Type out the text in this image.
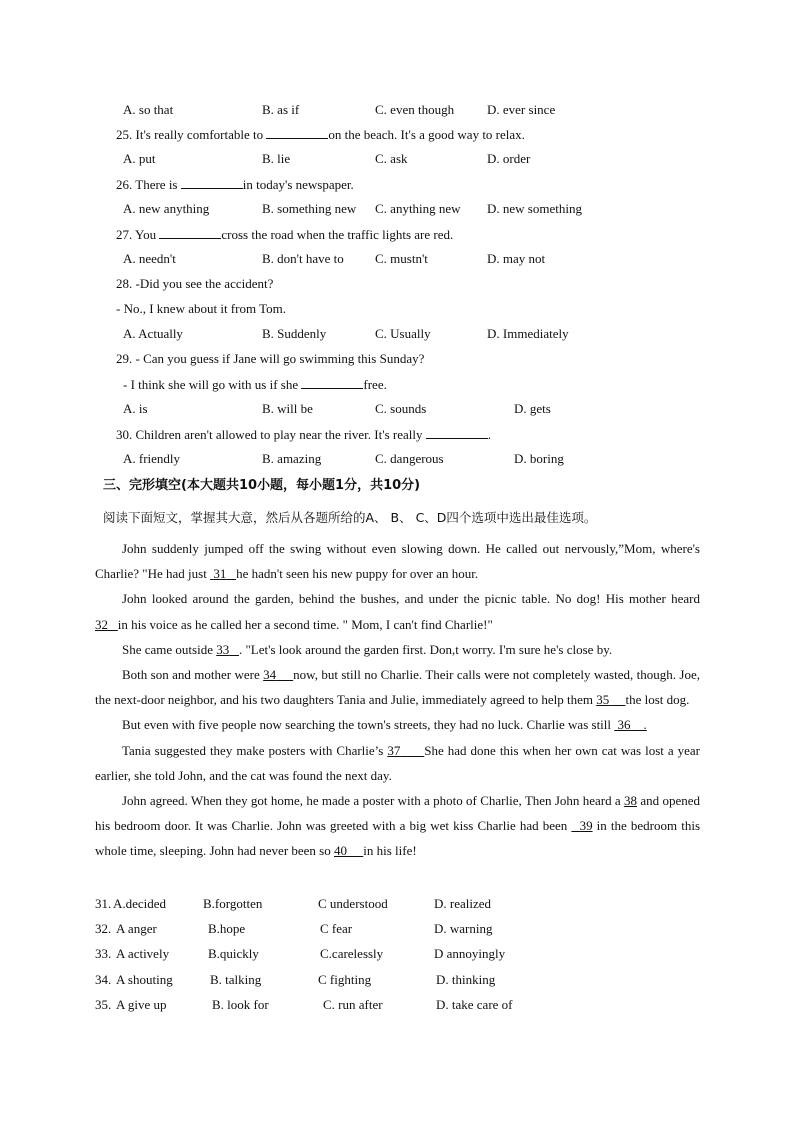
A. so that	B. as if	C. even though	D. ever since
25. It's really comfortable to	on the beach. It's a good way to relax.
A. put	B. lie	C. ask	D. order
26. There is	in today's newspaper.
A. new anything	B. something new C. anything new D. new something
27. You	cross the road when the traffic lights are red.
A. needn't	B. don't have to C. mustn't	D. may not
28. -Did you see the accident?
- No., I knew about it from Tom.
A. Actually	B. Suddenly	C. Usually	D. Immediately
29. - Can you guess if Jane will go swimming this Sunday?
- I think she will go with us if she	free.
A. is	B. will be	C. sounds	D. gets
30. Children aren't allowed to play near the river. It's really	.
A. friendly	B. amazing	C. dangerous	D. boring
三、完形填空(本大题共10小题，每小题1分，共10分)
阅读下面短文，掌握其大意，然后从各题所给的A、 B、 C、D四个选项中选出最佳选项。

John suddenly jumped off the swing without even slowing down. He called out nervously,”Mom, where's Charlie? "He had just  31 he hadn't seen his new puppy for over an hour.

John looked around the garden, behind the bushes, and under the picnic table. No dog! His mother heard 32 in his voice as he called her a second time. " Mom, I can't find Charlie!"

She came outside 33 . "Let's look around the garden first. Don,t worry. I'm sure he's close by.

Both son and mother were 34 now, but still no Charlie. Their calls were not completely wasted, though. Joe, the next-door neighbor, and his two daughters Tania and Julie, immediately agreed to help them 35 the lost dog.

But even with five people now searching the town's streets, they had no luck. Charlie was still  36    .

Tania suggested they make posters with Charlie’s 37 She had done this when her own cat was lost a year earlier, she told John, and the cat was found the next day.

John agreed. When they got home, he made a poster with a photo of Charlie, Then John heard a 38 and opened his bedroom door. It was Charlie. John was greeted with a big wet kiss Charlie had been   39 in the bedroom this whole time, sleeping. John had never been so 40 in his life!

31. A.decided	B.forgotten	C understood	D. realized
32. A anger	B.hope	C fear	D. warning
33. A actively	B.quickly	C.carelessly	D annoyingly
34. A shouting	B. talking	C fighting	D. thinking
35. A give up	B. look for	C. run after	D. take care of
